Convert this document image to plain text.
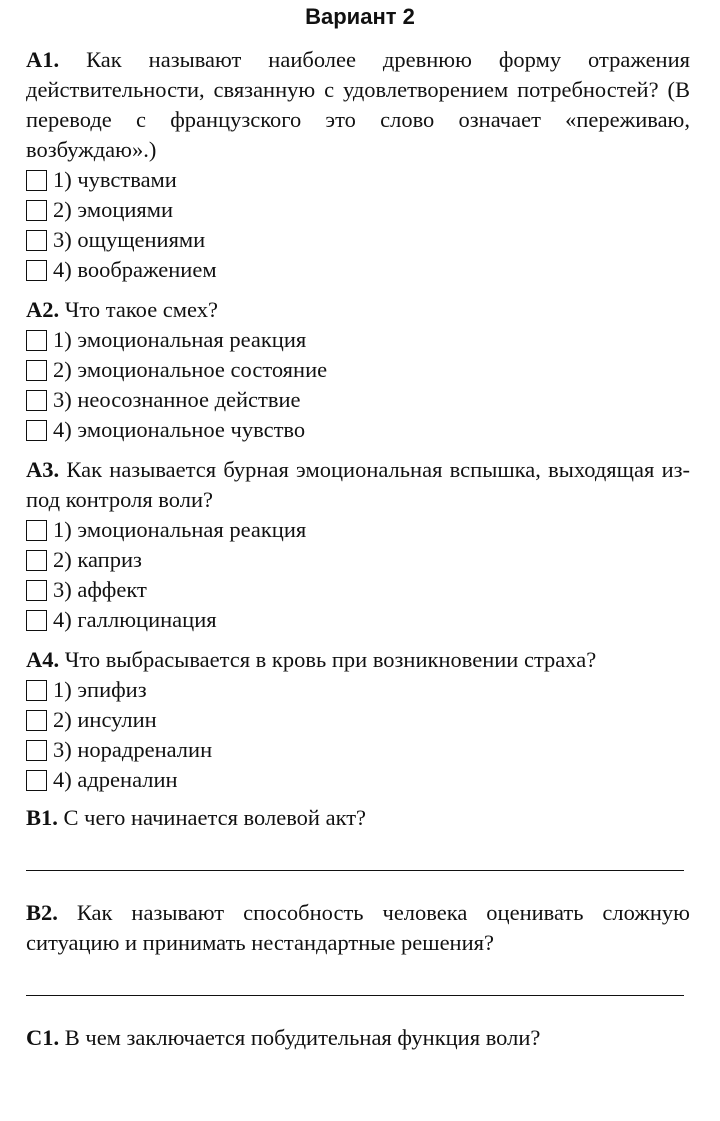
Вариант 2

А1. Как называют наиболее древнюю форму отражения действительности, связанную с удовлетворением потребностей? (В переводе с французского это слово означает «переживаю, возбуждаю».)

1) чувствами
2) эмоциями
3) ощущениями
4) воображением

А2. Что такое смех?

1) эмоциональная реакция
2) эмоциональное состояние
3) неосознанное действие
4) эмоциональное чувство

А3. Как называется бурная эмоциональная вспышка, выходящая из-под контроля воли?

1) эмоциональная реакция
2) каприз
3) аффект
4) галлюцинация

А4. Что выбрасывается в кровь при возникновении страха?

1) эпифиз
2) инсулин
3) норадреналин
4) адреналин

В1. С чего начинается волевой акт?

В2. Как называют способность человека оценивать сложную ситуацию и принимать нестандартные решения?

С1. В чем заключается побудительная функция воли?
